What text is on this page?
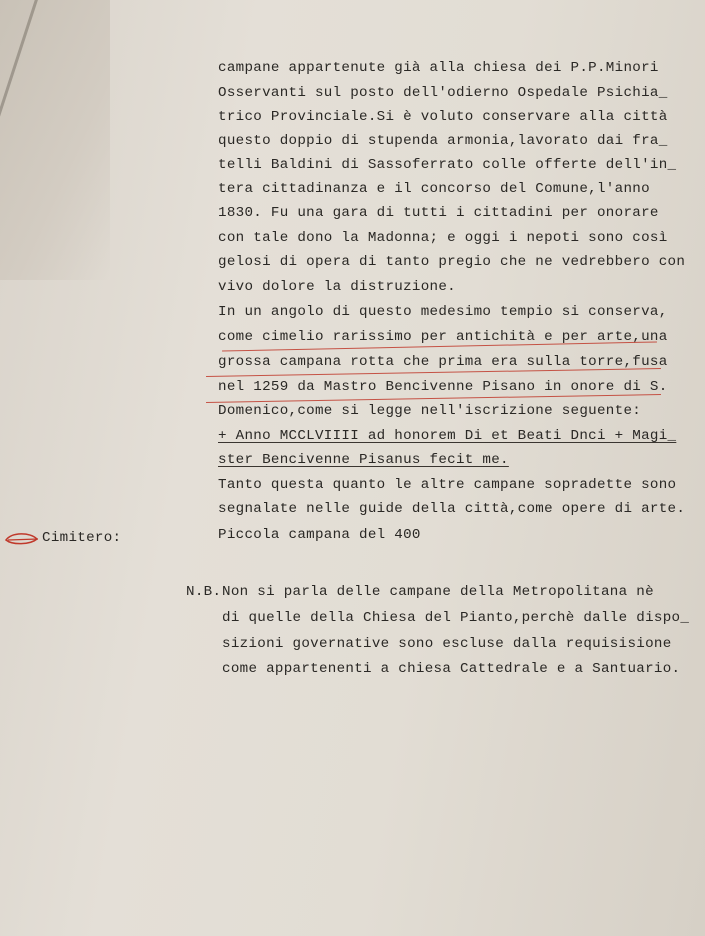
campane appartenute già alla chiesa dei P.P.Minori
Osservanti sul posto dell'odierno Ospedale Psichia_
trico Provinciale.Si è voluto conservare alla città
questo doppio di stupenda armonia,lavorato dai fra_
telli Baldini di Sassoferrato colle offerte dell'in_
tera cittadinanza e il concorso del Comune,l'anno
1830. Fu una gara di tutti i cittadini per onorare
con tale dono la Madonna; e oggi i nepoti sono così
gelosi di opera di tanto pregio che ne vedrebbero con
vivo dolore la distruzione.
In un angolo di questo medesimo tempio si conserva,
come cimelio rarissimo per antichità e per arte,una
grossa campana rotta che prima era sulla torre,fusa
nel 1259 da Mastro Bencivenne Pisano in onore di S.
Domenico,come si legge nell'iscrizione seguente:
+ Anno MCCLVIIII ad honorem Di et Beati Dnci + Magi_
ster Bencivenne Pisanus fecit me.
Tanto questa quanto le altre campane sopradette sono
segnalate nelle guide della città,come opere di arte.
Piccola campana del 400
Cimitero:
N.B. Non si parla delle campane della Metropolitana nè
di quelle della Chiesa del Pianto,perchè dalle dispo_
sizioni governative sono escluse dalla requisisione
come appartenenti a chiesa Cattedrale e a Santuario.
